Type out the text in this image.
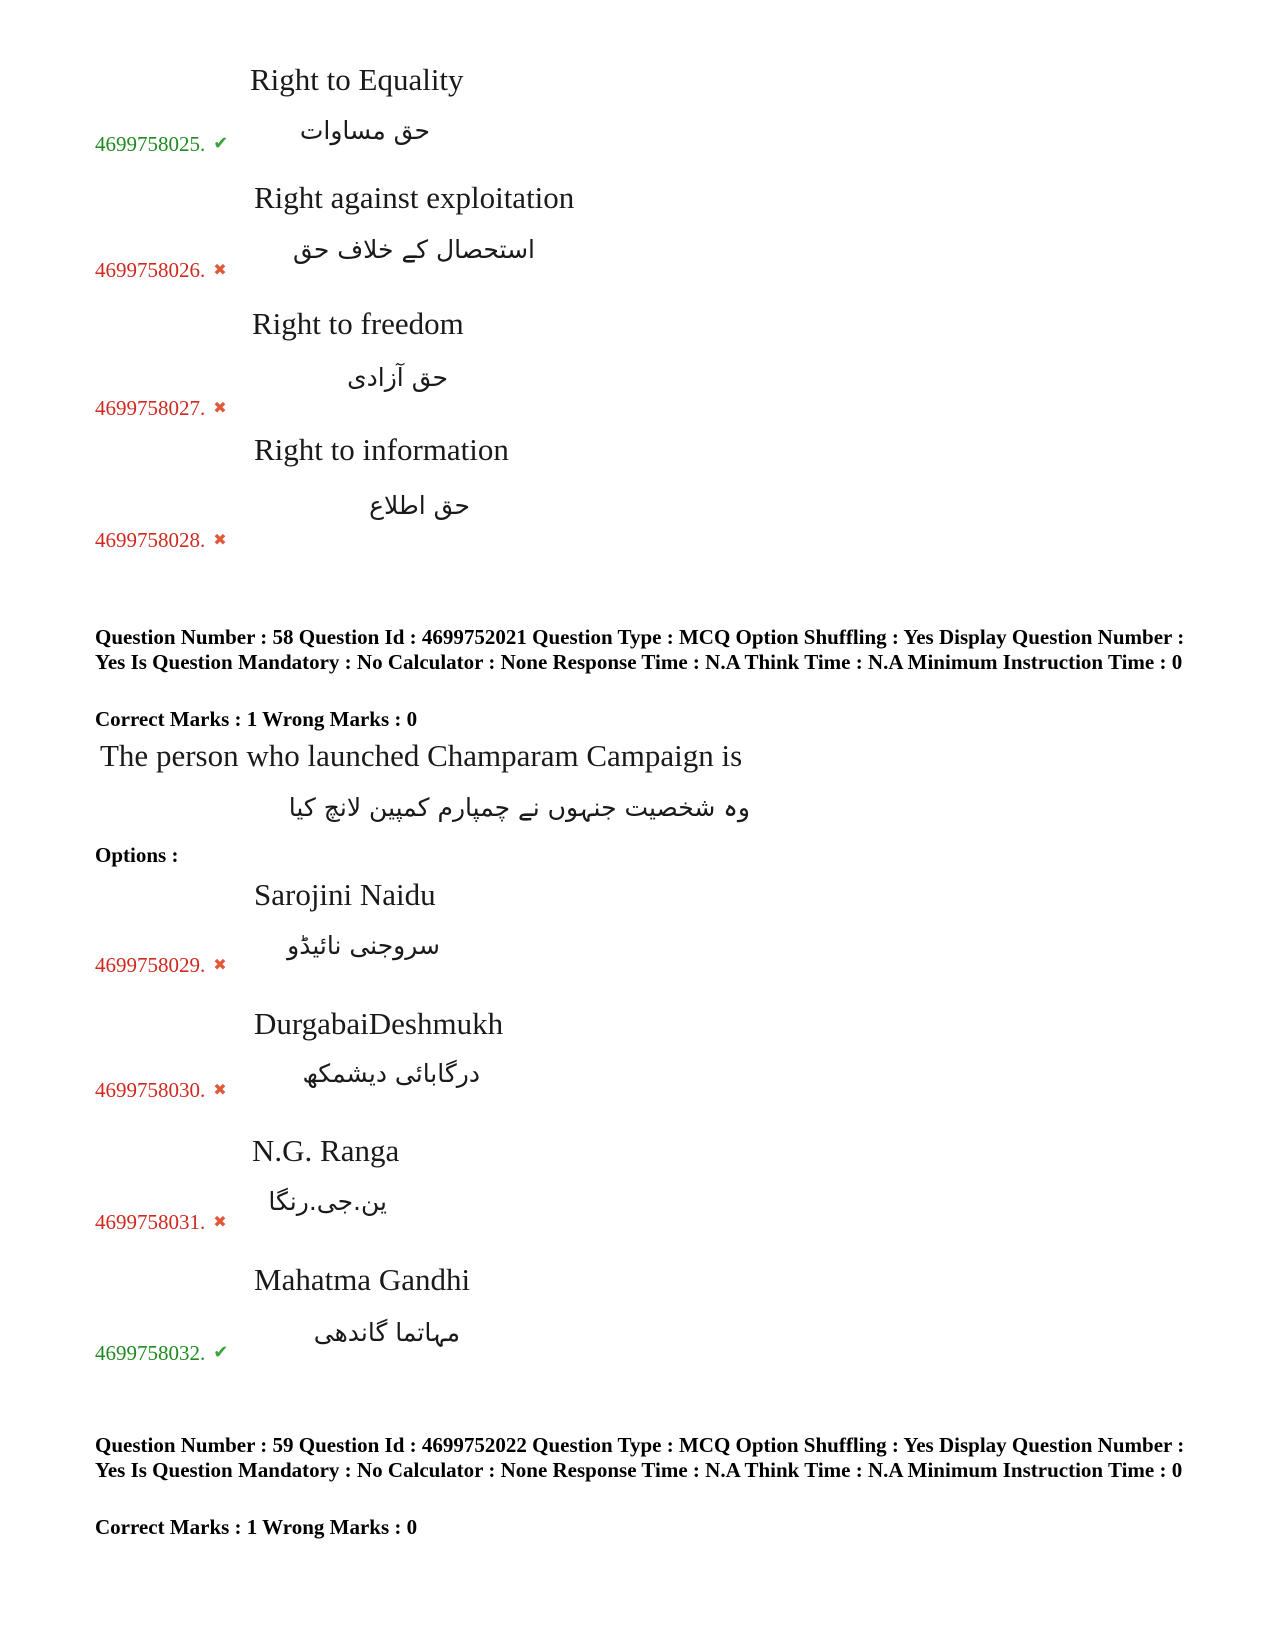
Right to Equality
حق مساوات
4699758025. ✔
Right against exploitation
استحصال کے خلاف حق
4699758026. ✖
Right to freedom
حق آزادی
4699758027. ✖
Right to information
حق اطلاع
4699758028. ✖
Question Number : 58 Question Id : 4699752021 Question Type : MCQ Option Shuffling : Yes Display Question Number : Yes Is Question Mandatory : No Calculator : None Response Time : N.A Think Time : N.A Minimum Instruction Time : 0
Correct Marks : 1 Wrong Marks : 0
The person who launched Champaram Campaign is
وہ شخصیت جنہوں نے چمپارم کمپین لانچ کیا
Options :
Sarojini Naidu
سروجنی نائیڈو
4699758029. ✖
DurgabaiDeshmukh
درگابائی دیشمکھ
4699758030. ✖
N.G. Ranga
ین.جی.رنگا
4699758031. ✖
Mahatma Gandhi
مہاتما گاندھی
4699758032. ✔
Question Number : 59 Question Id : 4699752022 Question Type : MCQ Option Shuffling : Yes Display Question Number : Yes Is Question Mandatory : No Calculator : None Response Time : N.A Think Time : N.A Minimum Instruction Time : 0
Correct Marks : 1 Wrong Marks : 0
